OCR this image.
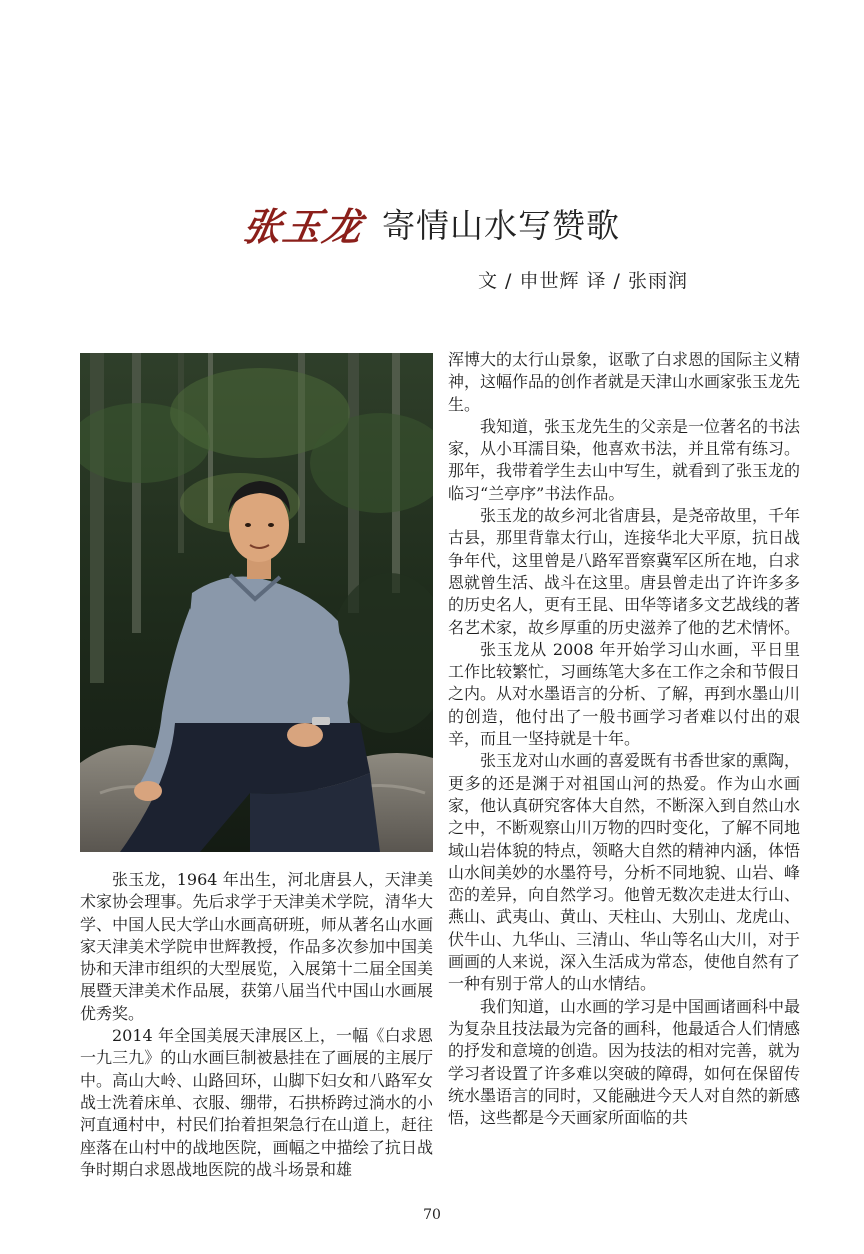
张玉龙 寄情山水写赞歌
文 / 申世辉 译 / 张雨润

张玉龙，1964 年出生，河北唐县人，天津美术家协会理事。先后求学于天津美术学院，清华大学、中国人民大学山水画高研班，师从著名山水画家天津美术学院申世辉教授，作品多次参加中国美协和天津市组织的大型展览，入展第十二届全国美展暨天津美术作品展，获第八届当代中国山水画展优秀奖。

2014 年全国美展天津展区上，一幅《白求恩一九三九》的山水画巨制被悬挂在了画展的主展厅中。高山大岭、山路回环，山脚下妇女和八路军女战士洗着床单、衣服、绷带，石拱桥跨过淌水的小河直通村中，村民们抬着担架急行在山道上，赶往座落在山村中的战地医院，画幅之中描绘了抗日战争时期白求恩战地医院的战斗场景和雄

浑博大的太行山景象，讴歌了白求恩的国际主义精神，这幅作品的创作者就是天津山水画家张玉龙先生。

我知道，张玉龙先生的父亲是一位著名的书法家，从小耳濡目染，他喜欢书法，并且常有练习。那年，我带着学生去山中写生，就看到了张玉龙的临习“兰亭序”书法作品。

张玉龙的故乡河北省唐县，是尧帝故里，千年古县，那里背靠太行山，连接华北大平原，抗日战争年代，这里曾是八路军晋察冀军区所在地，白求恩就曾生活、战斗在这里。唐县曾走出了许许多多的历史名人，更有王昆、田华等诸多文艺战线的著名艺术家，故乡厚重的历史滋养了他的艺术情怀。

张玉龙从 2008 年开始学习山水画，平日里工作比较繁忙，习画练笔大多在工作之余和节假日之内。从对水墨语言的分析、了解，再到水墨山川的创造，他付出了一般书画学习者难以付出的艰辛，而且一坚持就是十年。

张玉龙对山水画的喜爱既有书香世家的熏陶，更多的还是渊于对祖国山河的热爱。作为山水画家，他认真研究客体大自然，不断深入到自然山水之中，不断观察山川万物的四时变化，了解不同地域山岩体貌的特点，领略大自然的精神内涵，体悟山水间美妙的水墨符号，分析不同地貌、山岩、峰峦的差异，向自然学习。他曾无数次走进太行山、燕山、武夷山、黄山、天柱山、大别山、龙虎山、伏牛山、九华山、三清山、华山等名山大川，对于画画的人来说，深入生活成为常态，使他自然有了一种有别于常人的山水情结。

我们知道，山水画的学习是中国画诸画科中最为复杂且技法最为完备的画科，他最适合人们情感的抒发和意境的创造。因为技法的相对完善，就为学习者设置了许多难以突破的障碍，如何在保留传统水墨语言的同时，又能融进今天人对自然的新感悟，这些都是今天画家所面临的共

70
